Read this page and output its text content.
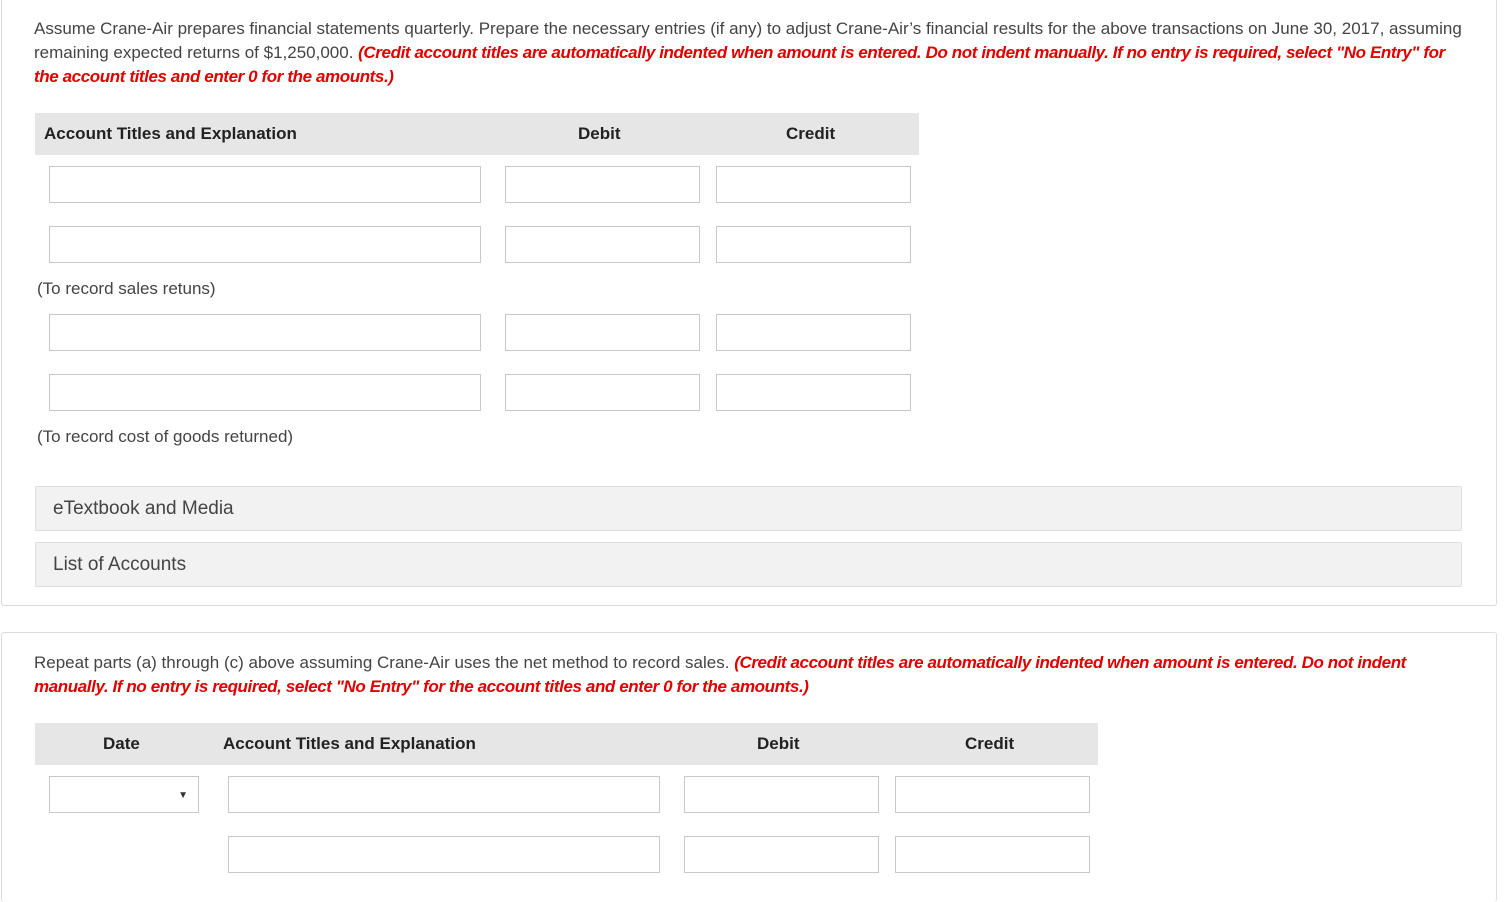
Assume Crane-Air prepares financial statements quarterly. Prepare the necessary entries (if any) to adjust Crane-Air’s financial results for the above transactions on June 30, 2017, assuming remaining expected returns of $1,250,000. (Credit account titles are automatically indented when amount is entered. Do not indent manually. If no entry is required, select "No Entry" for the account titles and enter 0 for the amounts.)
Account Titles and Explanation	Debit	Credit
(To record sales retuns)
(To record cost of goods returned)
eTextbook and Media
List of Accounts
Repeat parts (a) through (c) above assuming Crane-Air uses the net method to record sales. (Credit account titles are automatically indented when amount is entered. Do not indent manually. If no entry is required, select "No Entry" for the account titles and enter 0 for the amounts.)
Date	Account Titles and Explanation	Debit	Credit
▼
